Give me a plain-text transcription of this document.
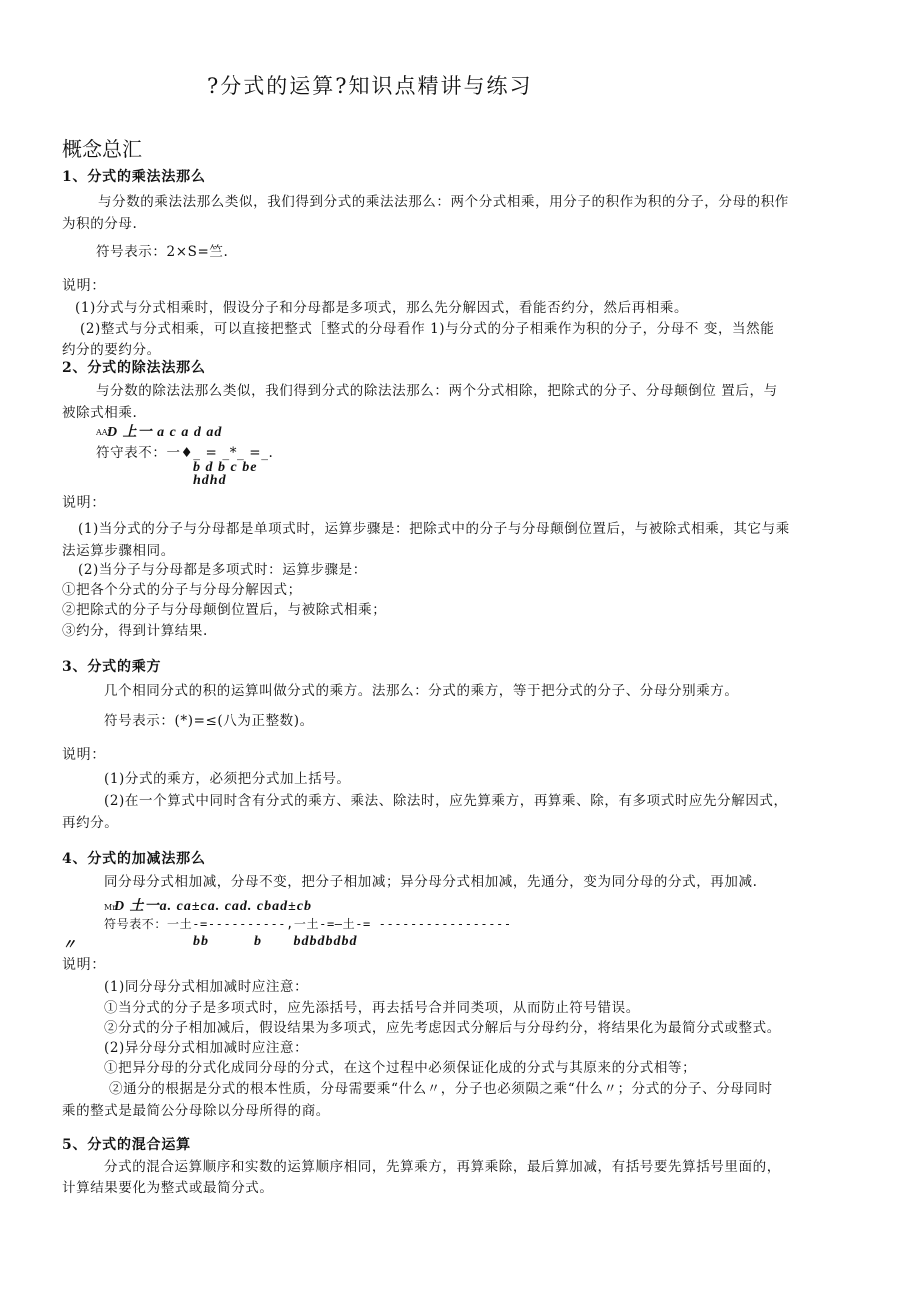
?分式的运算?知识点精讲与练习
概念总汇
1、分式的乘法法那么
与分数的乘法法那么类似，我们得到分式的乘法法那么：两个分式相乘，用分子的积作为积的分子，分母的积作
为积的分母.
符号表示：2×S=竺.
说明：
(1)分式与分式相乘时，假设分子和分母都是多项式，那么先分解因式，看能否约分，然后再相乘。
(2)整式与分式相乘，可以直接把整式［整式的分母看作 1)与分式的分子相乘作为积的分子，分母不 变，当然能
约分的要约分。
2、分式的除法法那么
与分数的除法法那么类似，我们得到分式的除法法那么：两个分式相除，把除式的分子、分母颠倒位 置后，与
被除式相乘.
AA'
D 上一 a c a d ad
符守表不：一♦_ = _*_ =_.
b d b c be
hdhd
说明：
(1)当分式的分子与分母都是单项式时，运算步骤是：把除式中的分子与分母颠倒位置后，与被除式相乘，其它与乘
法运算步骤相同。
(2)当分子与分母都是多项式时：运算步骤是：
①把各个分式的分子与分母分解因式；
②把除式的分子与分母颠倒位置后，与被除式相乘；
③约分，得到计算结果.
3、分式的乘方
几个相同分式的积的运算叫做分式的乘方。法那么：分式的乘方，等于把分式的分子、分母分别乘方。
符号表示：(*)=≤(八为正整数)。
说明：
(1)分式的乘方，必须把分式加上括号。
(2)在一个算式中同时含有分式的乘方、乘法、除法时，应先算乘方，再算乘、除，有多项式时应先分解因式，
再约分。
4、分式的加减法那么
同分母分式相加减，分母不变，把分子相加减；异分母分式相加减，先通分，变为同分母的分式，再加减.
Mr
D 土一a. ca±ca. cad. cbad±cb
符号表不：一土-=----------,一土-=—土-= -----------------
〃	bb          b       bdbdbdbd
说明：
(1)同分母分式相加减时应注意：
①当分式的分子是多项式时，应先添括号，再去括号合并同类项，从而防止符号错误。
②分式的分子相加减后，假设结果为多项式，应先考虑因式分解后与分母约分，将结果化为最简分式或整式。
(2)异分母分式相加减时应注意：
①把异分母的分式化成同分母的分式，在这个过程中必须保证化成的分式与其原来的分式相等；
②通分的根据是分式的根本性质，分母需要乘“什么〃，分子也必须陨之乘“什么〃；分式的分子、分母同时
乘的整式是最简公分母除以分母所得的商。
5、分式的混合运算
分式的混合运算顺序和实数的运算顺序相同，先算乘方，再算乘除，最后算加减，有括号要先算括号里面的，
计算结果要化为整式或最简分式。
